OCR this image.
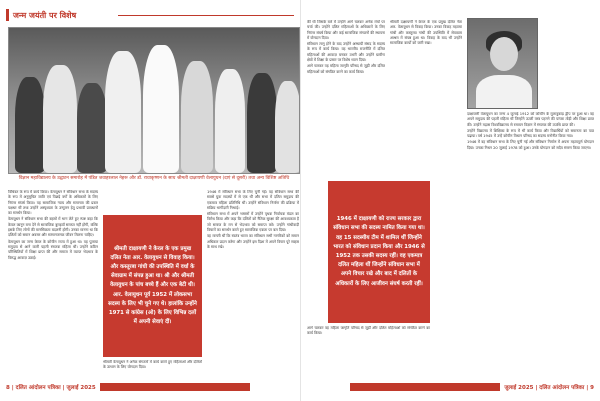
जन्म जयंती पर विशेष
विज्ञान महाविद्यालय के उद्घाटन समारोह में पंडित जवाहरलाल नेहरू और डॉ. राधाकृष्णन के साथ श्रीमती दाक्षायणी वेलायुधन (दाएं से दूसरी) तथा अन्य विशिष्ट अतिथि

विधिवत के रूप में कार्य किया। वेलायुधन ने संविधान सभा के सदस्य के रूप में अनुसूचित जाति एवं पिछड़े वर्गों के अधिकारों के लिए निरंतर संघर्ष किया। वह सामाजिक न्याय और समानता की प्रबल पक्षधर थीं तथा उन्होंने अस्पृश्यता के उन्मूलन हेतु प्रभावी प्रावधानों का समर्थन किया।

वेलायुधन ने संविधान सभा की बहसों में भाग लेते हुए स्पष्ट कहा कि केवल कानून बना देने से सामाजिक बुराइयाँ समाप्त नहीं होंगी, बल्कि इसके लिए लोगों की मानसिकता बदलनी होगी। उनका मानना था कि दलितों को समान अवसर और सम्मानजनक जीवन मिलना चाहिए।

वेलायुधन का जन्म केरल के कोचीन राज्य में हुआ था। वह पुलाया समुदाय से आने वाली पहली स्नातक महिला थीं। उन्होंने कठिन परिस्थितियों में शिक्षा प्राप्त की और समाज में व्याप्त भेदभाव के विरुद्ध आवाज़ उठाई।

श्रीमती दाक्षायणी ने केरल के एक प्रमुख दलित नेता आर. वेलायुधन से विवाह किया। और कस्तूरबा गांधी की उपस्थिति में वर्धा के सेवाग्राम में संपन्न हुआ था। श्री और श्रीमती वेलायुधन के पांच बच्चे हैं और एक बेटी थी। आर. वेलायुधन पूर्व 1952 में लोकसभा सदस्य के लिए भी चुने गए थे। हालांकि उन्होंने 1971 से कांग्रेस (ओ) के लिए विभिन्न दलों में अपनी सेवाएं दीं।

श्रीमती वेलायुधन ने अनेक संगठनों में कार्य करते हुए महिलाओं और दलितों के उत्थान के लिए योगदान दिया।

1946 में संविधान सभा के लिए चुनी गईं। वह संविधान सभा की सबसे युवा सदस्यों में से एक थीं और सभा में दलित समुदाय की एकमात्र महिला प्रतिनिधि थीं। उन्होंने संविधान निर्माण की प्रक्रिया में सक्रिय भागीदारी निभाई।

संविधान सभा में अपने भाषणों में उन्होंने पृथक निर्वाचक मंडल का विरोध किया और कहा कि दलितों को नैतिक सुरक्षा की आवश्यकता है जो समाज के मन से भेदभाव को समाप्त करे। उन्होंने गांधीवादी विचारों का समर्थन करते हुए सामाजिक एकता पर बल दिया।

वह मानती थीं कि स्वतंत्र भारत का संविधान सभी नागरिकों को समान अधिकार प्रदान करेगा और उन्होंने इस दिशा में अपने विचार पूरे साहस के साथ रखे।

की थी जिसके बारे में उन्होंने आगे चलकर अनेक मंचों पर चर्चा की। उन्होंने दलित महिलाओं के अधिकारों के लिए निरंतर संघर्ष किया और कई सामाजिक संगठनों की स्थापना में योगदान दिया।

संविधान लागू होने के बाद उन्होंने अस्थायी संसद के सदस्य के रूप में कार्य किया। वह भारतीय राजनीति में दलित महिलाओं की आवाज़ बनकर उभरीं और उन्होंने ग्रामीण क्षेत्रों में शिक्षा के प्रसार पर विशेष ध्यान दिया।

आगे चलकर वह महिला जागृति परिषद से जुड़ीं और दलित महिलाओं को संगठित करने का कार्य किया।

श्रीमती दाक्षायणी ने केरल के एक प्रमुख दलित नेता आर. वेलायुधन से विवाह किया। उनका विवाह महात्मा गांधी और कस्तूरबा गांधी की उपस्थिति में सेवाग्राम आश्रम में संपन्न हुआ था। विवाह के बाद भी उन्होंने सामाजिक कार्यों को जारी रखा।

1946 में दाक्षायणी को राज्य सरकार द्वारा संविधान सभा की सदस्य नामित किया गया था। वह 15 सदस्यीय टीम में शामिल थीं जिन्होंने भारत को संविधान प्रदान किया और 1946 से 1952 तक उसकी सदस्य रहीं। वह एकमात्र दलित महिला थीं जिन्होंने संविधान सभा में अपने विचार रखे और बाद में दलितों के अधिकारों के लिए आजीवन संघर्ष करती रहीं।

आगे चलकर वह महिला जागृति परिषद से जुड़ीं और दलित महिलाओं को संगठित करने का कार्य किया।

दाक्षायणी वेलायुधन का जन्म 4 जुलाई 1912 को कोचीन के मुलावुकाड़ द्वीप पर हुआ था। वह अपने समुदाय की पहली महिला थीं जिन्होंने ऊपरी वस्त्र पहनने की परंपरा तोड़ी और शिक्षा प्राप्त की। उन्होंने मद्रास विश्वविद्यालय से रसायन विज्ञान में स्नातक की उपाधि प्राप्त की।

उन्होंने विद्यालय में शिक्षिका के रूप में भी कार्य किया और विद्यार्थियों को समानता का पाठ पढ़ाया। वर्ष 1945 में उन्हें कोचीन विधान परिषद का सदस्य मनोनीत किया गया।

1946 में वह संविधान सभा के लिए चुनी गईं और संविधान निर्माण में अपना महत्वपूर्ण योगदान दिया। उनका निधन 20 जुलाई 1978 को हुआ। उनके योगदान को सदैव स्मरण किया जाएगा।

8 | दलित आंदोलन पत्रिका | जुलाई 2025	जुलाई 2025 | दलित आंदोलन पत्रिका | 9
